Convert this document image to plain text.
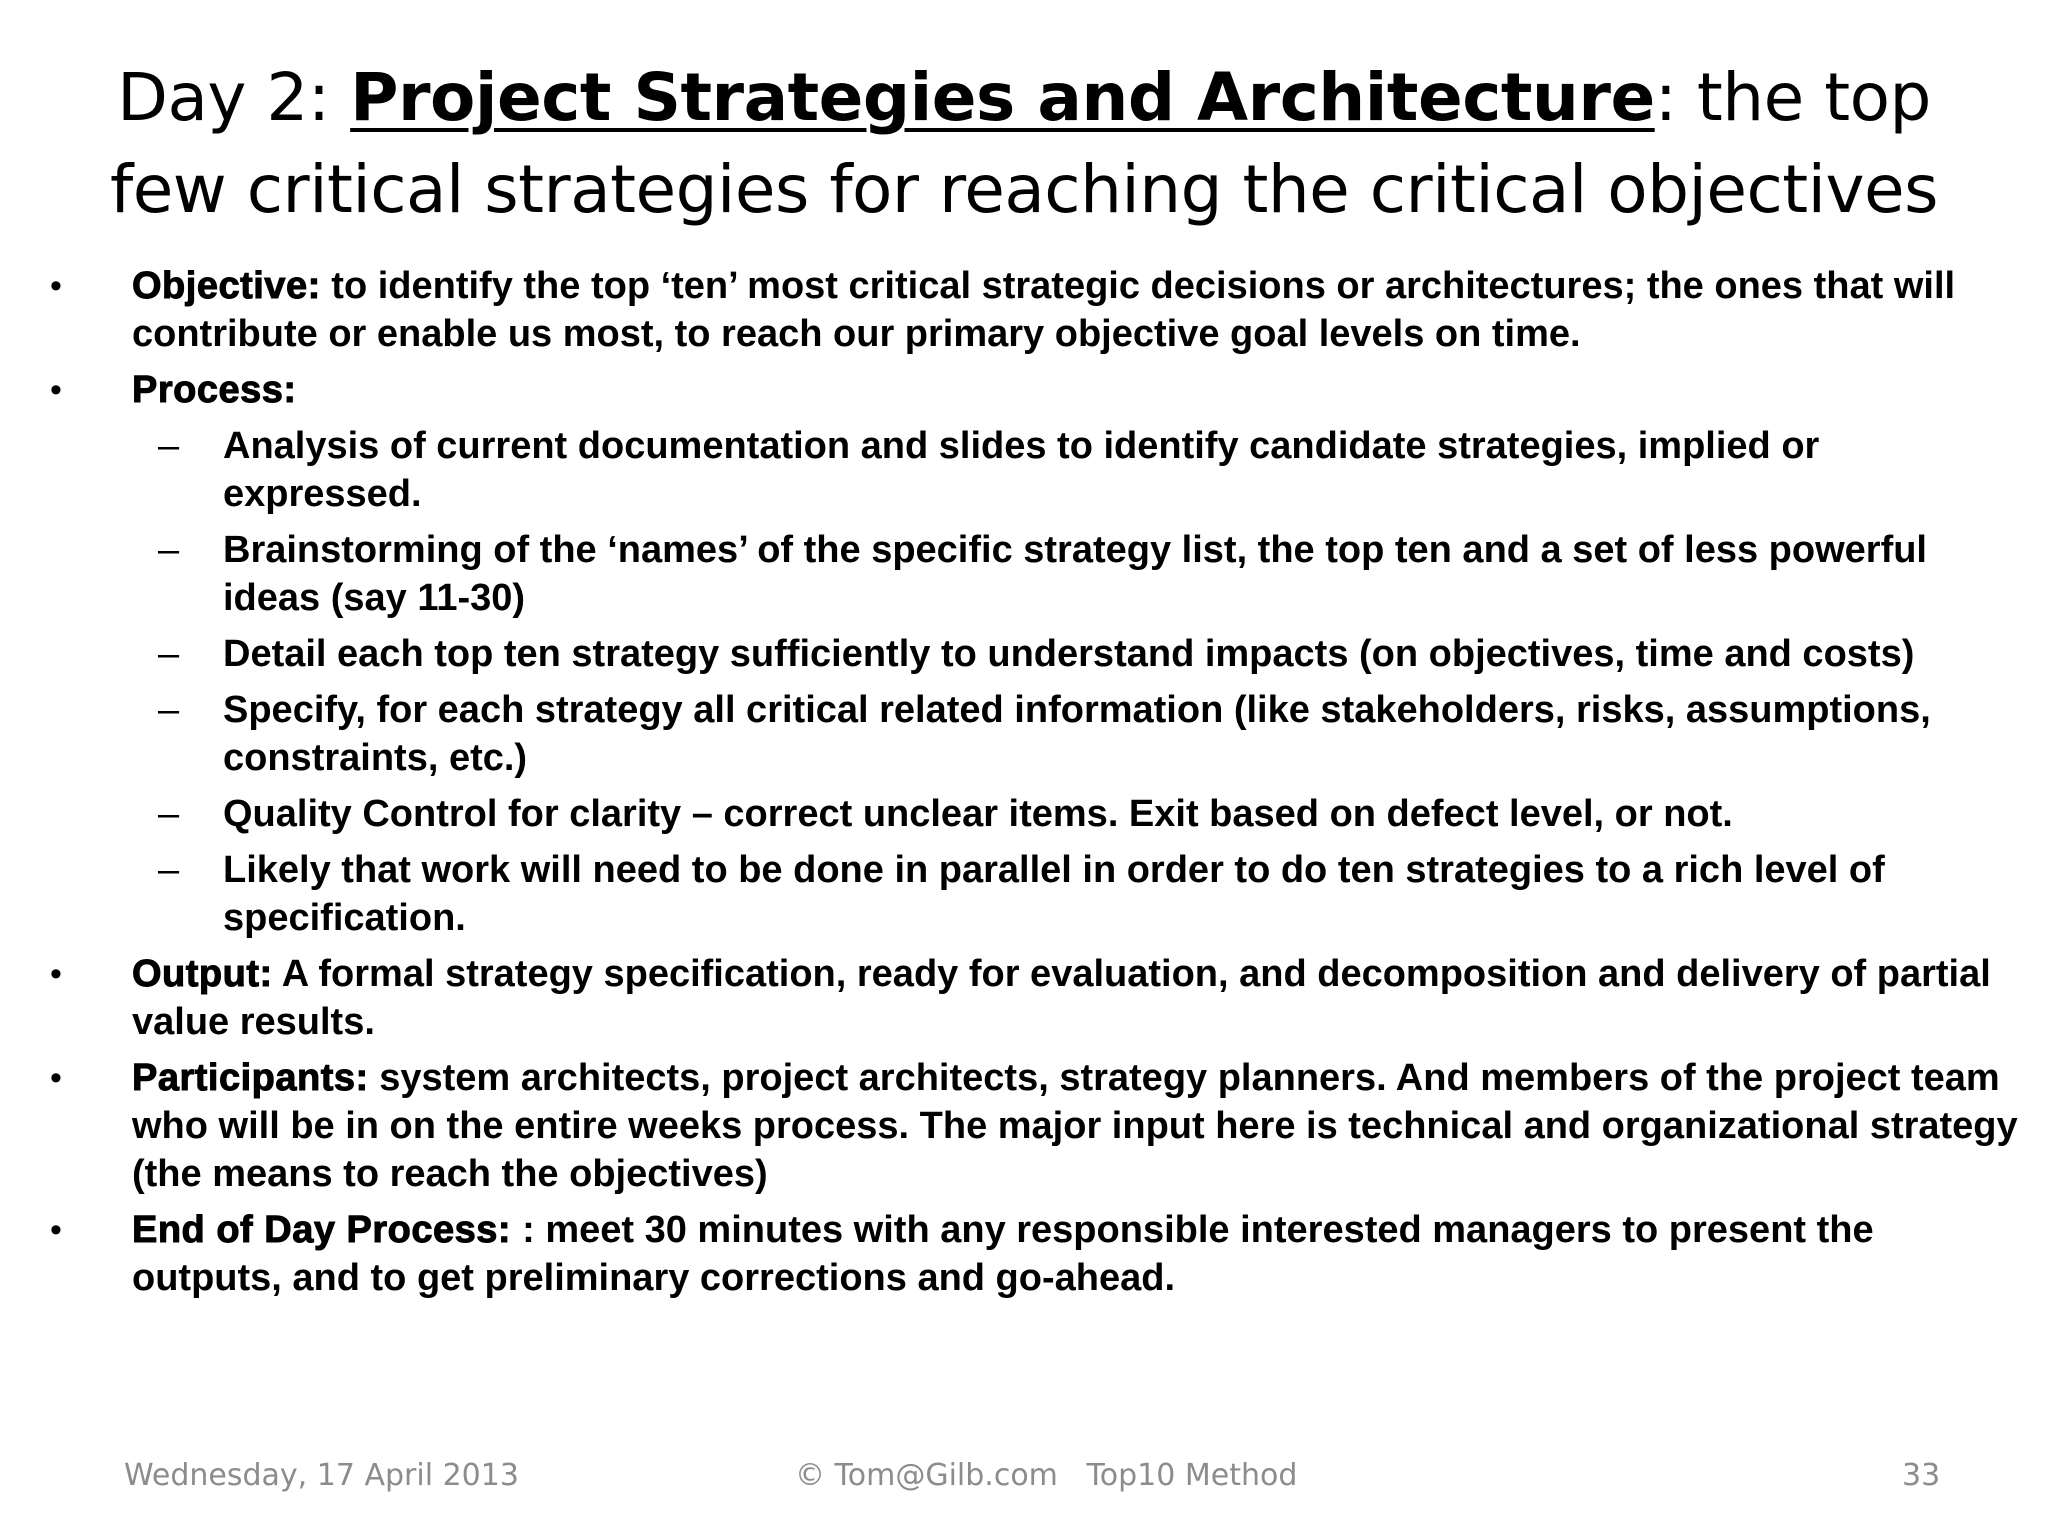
Day 2: Project Strategies and Architecture: the top few critical strategies for reaching the critical objectives
•	Objective: to identify the top ‘ten’ most critical strategic decisions or architectures; the ones that will contribute or enable us most, to reach our primary objective goal levels on time.
•	Process:
– Analysis of current documentation and slides to identify candidate strategies, implied or expressed.
– Brainstorming of the ‘names’ of the specific strategy list, the top ten and a set of less powerful ideas (say 11-30)
– Detail each top ten strategy sufficiently to understand impacts (on objectives, time and costs)
– Specify, for each strategy all critical related information (like stakeholders, risks, assumptions, constraints, etc.)
– Quality Control for clarity – correct unclear items. Exit based on defect level, or not.
– Likely that work will need to be done in parallel in order to do ten strategies to a rich level of specification.
•	Output: A formal strategy specification, ready for evaluation, and decomposition and delivery of partial value results.
•	Participants: system architects, project architects, strategy planners. And members of the project team who will be in on the entire weeks process. The major input here is technical and organizational strategy (the means to reach the objectives)
•	End of Day Process: : meet 30 minutes with any responsible interested managers to present the outputs, and to get preliminary corrections and go-ahead.
Wednesday, 17 April 2013	© Tom@Gilb.com   Top10 Method	33
